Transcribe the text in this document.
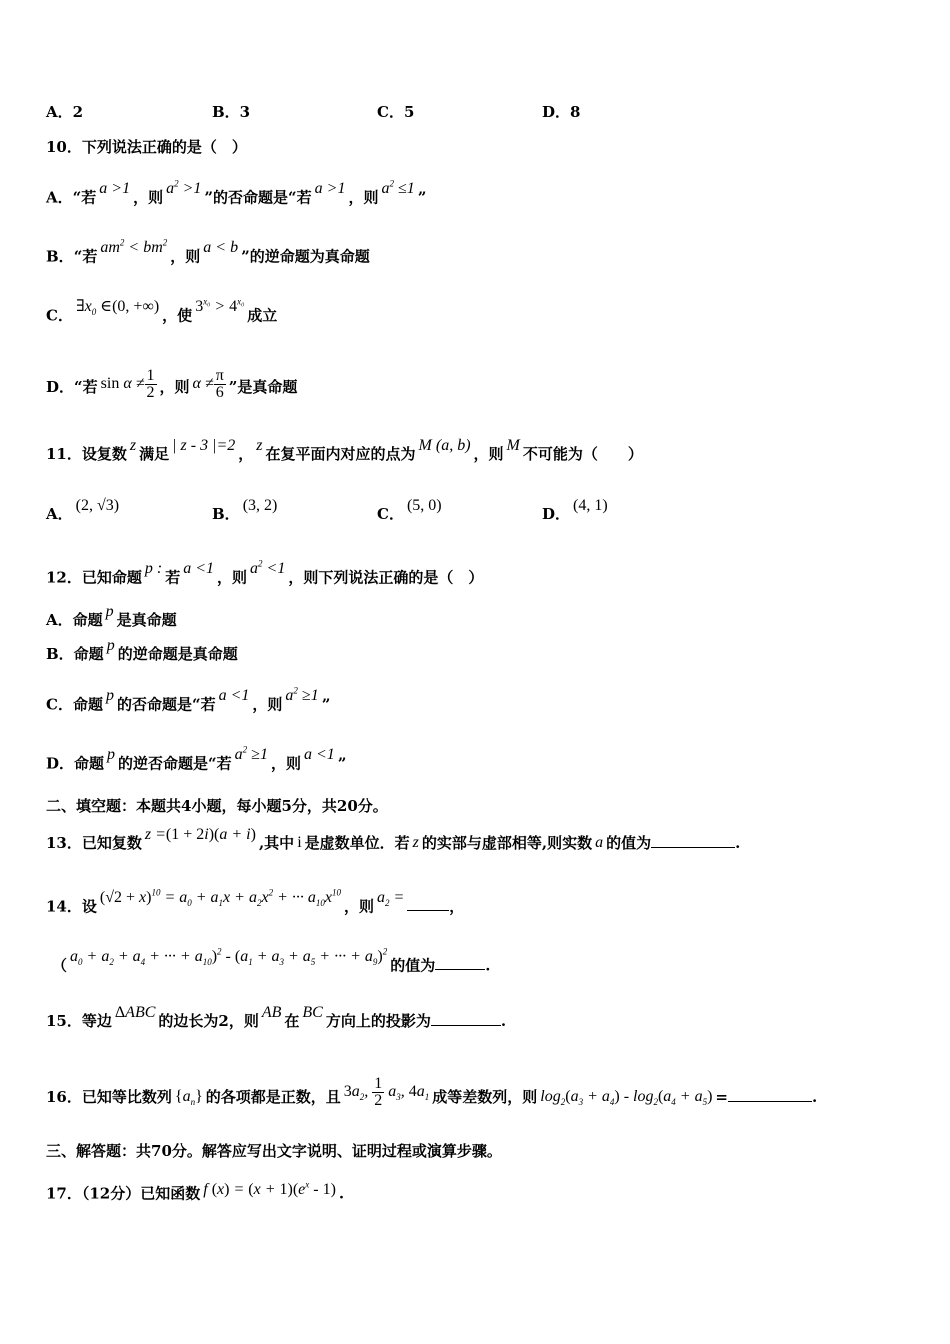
A．2	B．3	C．5	D．8
10．下列说法正确的是（　）
A．“若 a >1 ，则 $a^2 >1$ ”的否命题是“若 a >1 ，则 $a^2 \le 1$ ”
B．“若 $am^2 < bm^2$，则 a < b ”的逆命题为真命题
C． $\exists x_0$ ∈(0, +∞) ，使 $3^{x_0} > 4^{x_0}$成立
D．“若 $\sin \alpha \ne \frac{1}{2}$ ，则 $\alpha \ne \frac{\pi}{6}$ ”是真命题
11．设复数 z 满足 | z - 3 |=2 ， z 在复平面内对应的点为 M (a, b) ，则 M 不可能为（　　）
A． (2, √3)	B． (3, 2)	C． (5, 0)	D． (4, 1)
12．已知命题 p : 若 a <1 ，则 $a^2 <1$ ，则下列说法正确的是（　）
A．命题 p 是真命题
B．命题 p 的逆命题是真命题
C．命题 p 的否命题是“若 a <1 ，则 $a^2 \ge 1$ ”
D．命题 p 的逆否命题是“若 $a^2 \ge 1$ ，则 a <1 ”
二、填空题：本题共4小题，每小题5分，共20分。
13．已知复数 z =(1 + 2i)(a + i) ,其中 i 是虚数单位．若 z 的实部与虚部相等,则实数 a 的值为	.
14．设 $(√2 + x)^{10} = a_0 + a_1x + a_2x^2$ + ··· $a_{10}x^{10}$，则 $a_2$ =	，
（ $a_0 + a_2 + a_4$ + ··· + $a_{10})^2 - (a_1 + a_3 + a_5$ + ··· + $a_9)^2$的值为	.
15．等边 ΔABC 的边长为2，则 AB 在 BC 方向上的投影为	.
16．已知等比数列 $\{a_n\}$ 的各项都是正数，且 $3a_2$, $\frac{1}{2} a_3$, $4a_1$ 成等差数列，则 $\log_2(a_3 + a_4) - \log_2(a_4 + a_5)$ =	.
三、解答题：共70分。解答应写出文字说明、证明过程或演算步骤。
17．（12分）已知函数 f $(x) = (x + 1)(e^x - 1)$ .
